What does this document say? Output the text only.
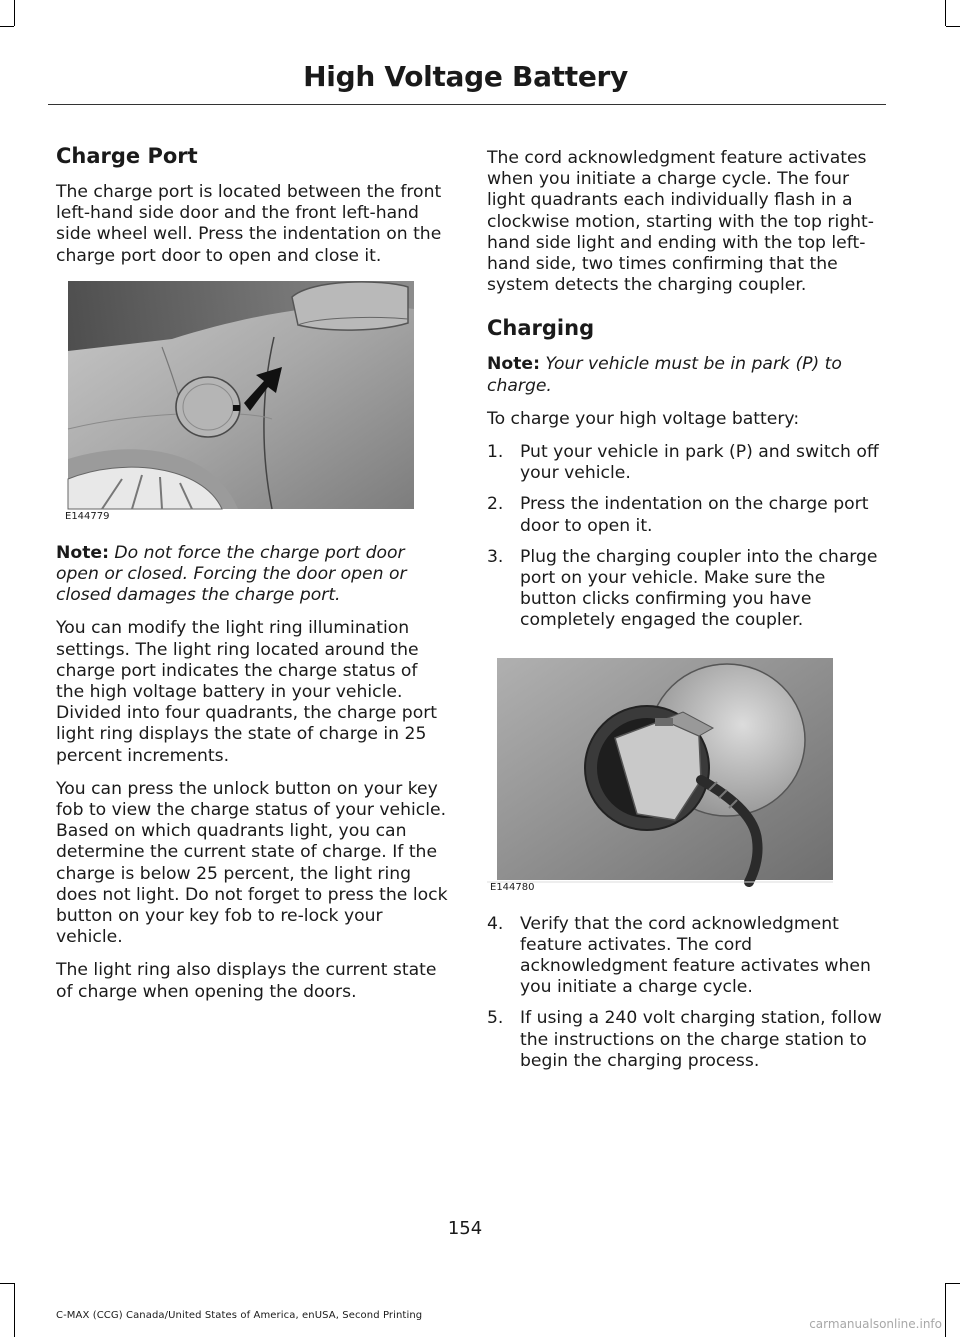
High Voltage Battery
Charge Port

The charge port is located between the front left-hand side door and the front left-hand side wheel well. Press the indentation on the charge port door to open and close it.

E144779

Note: Do not force the charge port door open or closed. Forcing the door open or closed damages the charge port.

You can modify the light ring illumination settings. The light ring located around the charge port indicates the charge status of the high voltage battery in your vehicle. Divided into four quadrants, the charge port light ring displays the state of charge in 25 percent increments.

You can press the unlock button on your key fob to view the charge status of your vehicle. Based on which quadrants light, you can determine the current state of charge. If the charge is below 25 percent, the light ring does not light. Do not forget to press the lock button on your key fob to re-lock your vehicle.

The light ring also displays the current state of charge when opening the doors.

The cord acknowledgment feature activates when you initiate a charge cycle. The four light quadrants each individually flash in a clockwise motion, starting with the top right-hand side light and ending with the top left-hand side, two times confirming that the system detects the charging coupler.

Charging

Note: Your vehicle must be in park (P) to charge.

To charge your high voltage battery:

1. Put your vehicle in park (P) and switch off your vehicle.
2. Press the indentation on the charge port door to open it.
3. Plug the charging coupler into the charge port on your vehicle. Make sure the button clicks confirming you have completely engaged the coupler.
E144780
4. Verify that the cord acknowledgment feature activates. The cord acknowledgment feature activates when you initiate a charge cycle.
5. If using a 240 volt charging station, follow the instructions on the charge station to begin the charging process.
154
C-MAX (CCG) Canada/United States of America, enUSA, Second Printing
carmanualsonline.info
